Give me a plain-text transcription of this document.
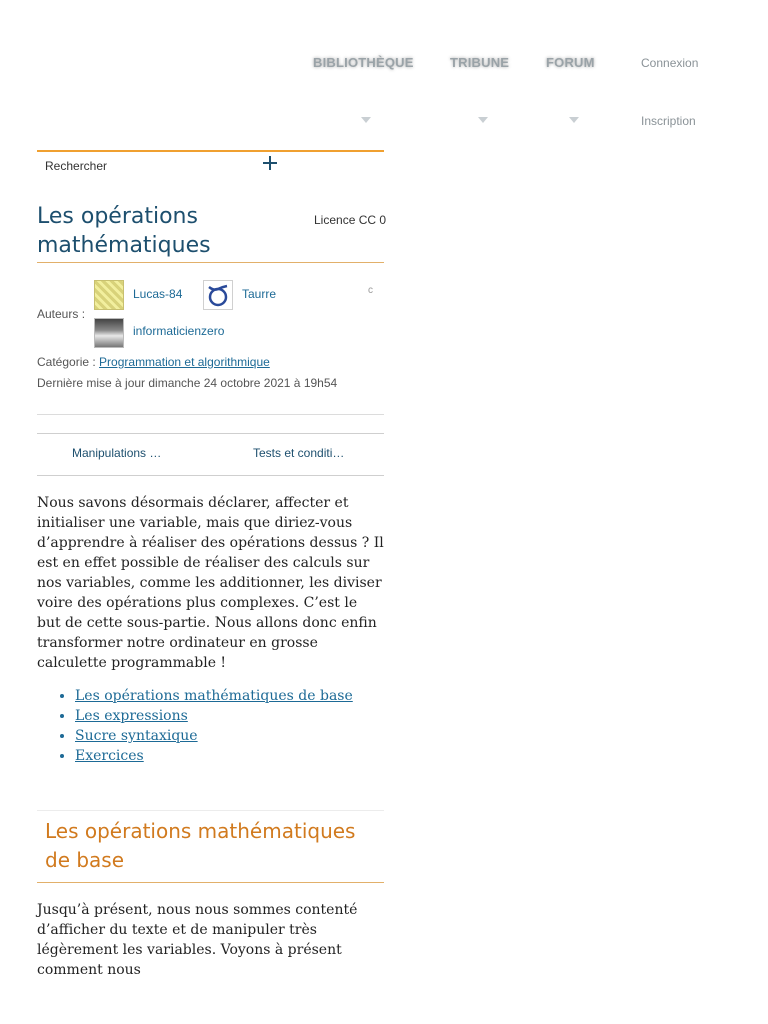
BIBLIOTHÈQUE	TRIBUNE	FORUM	Connexion
Inscription
Rechercher
Les opérations mathématiques
Licence CC 0
Auteurs :
Lucas-84	Taurre	c
informaticienzero
Catégorie : Programmation et algorithmique
Dernière mise à jour dimanche 24 octobre 2021 à 19h54
Manipulations …	Tests et conditi…

Nous savons désormais déclarer, affecter et initialiser une variable, mais que diriez-vous d’apprendre à réaliser des opérations dessus ? Il est en effet possible de réaliser des calculs sur nos variables, comme les additionner, les diviser voire des opérations plus complexes. C’est le but de cette sous-partie. Nous allons donc enfin transformer notre ordinateur en grosse calculette programmable !

• Les opérations mathématiques de base
• Les expressions
• Sucre syntaxique
• Exercices
Les opérations mathématiques de base

Jusqu’à présent, nous nous sommes contenté d’afficher du texte et de manipuler très légèrement les variables. Voyons à présent comment nous
